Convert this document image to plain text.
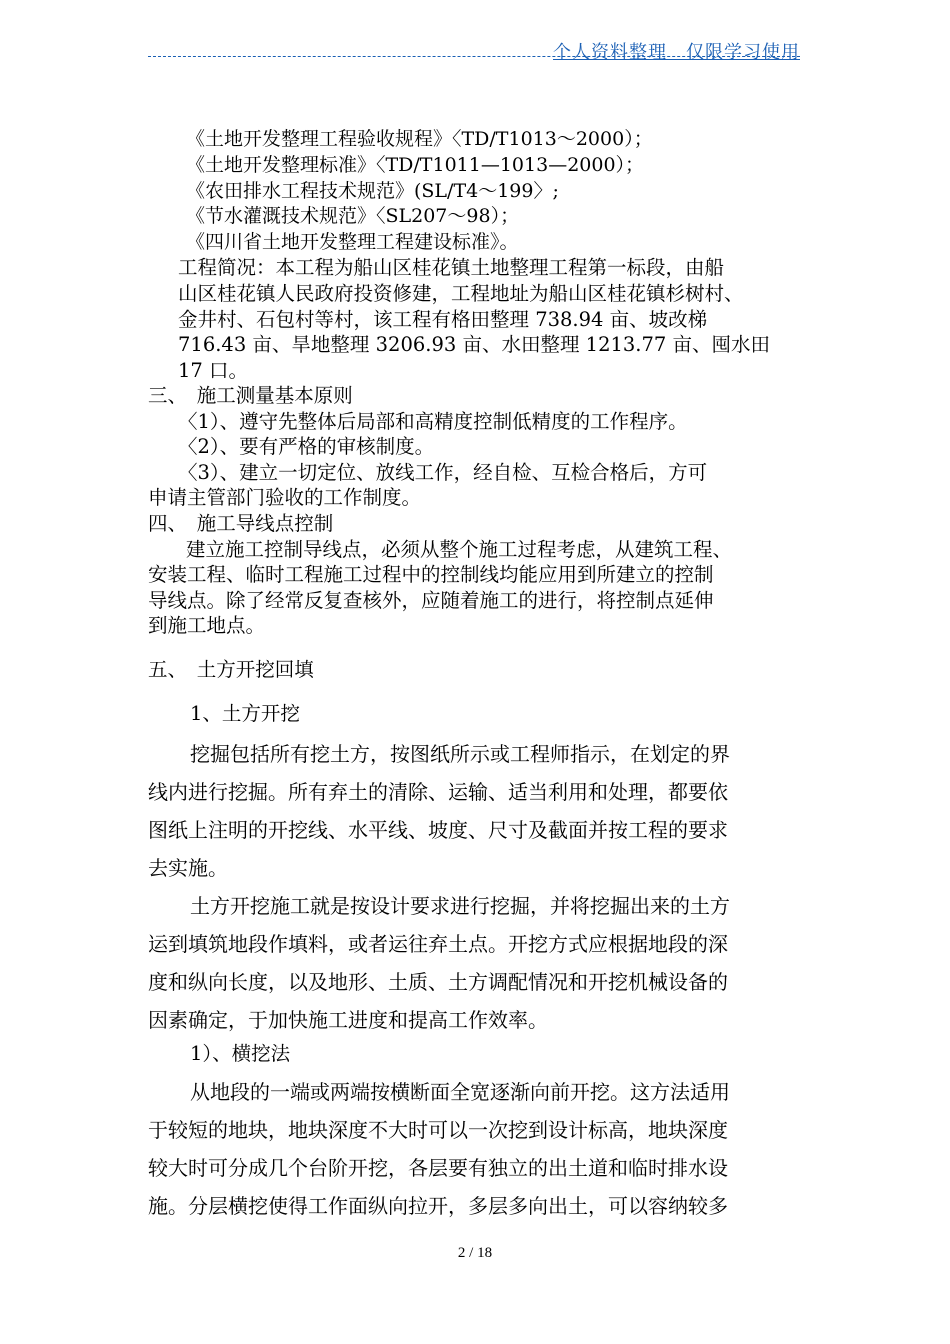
个人资料整理　仅限学习使用
《土地开发整理工程验收规程》〈TD/T1013～2000）；
《土地开发整理标准》〈TD/T1011—1013—2000）；
《农田排水工程技术规范》(SL/T4～199〉;
《节水灌溉技术规范》〈SL207～98）；
《四川省土地开发整理工程建设标准》。
工程简况：本工程为船山区桂花镇土地整理工程第一标段，由船
山区桂花镇人民政府投资修建，工程地址为船山区桂花镇杉树村、
金井村、石包村等村，该工程有格田整理 738.94 亩、坡改梯
716.43 亩、旱地整理 3206.93 亩、水田整理 1213.77 亩、囤水田
17 口。
三、　施工测量基本原则
〈1）、遵守先整体后局部和高精度控制低精度的工作程序。
〈2）、要有严格的审核制度。
〈3）、建立一切定位、放线工作，经自检、互检合格后，方可
申请主管部门验收的工作制度。
四、　施工导线点控制
建立施工控制导线点，必须从整个施工过程考虑，从建筑工程、
安装工程、临时工程施工过程中的控制线均能应用到所建立的控制
导线点。除了经常反复查核外，应随着施工的进行，将控制点延伸
到施工地点。
五、　土方开挖回填
1、土方开挖
挖掘包括所有挖土方，按图纸所示或工程师指示，在划定的界
线内进行挖掘。所有弃土的清除、运输、适当利用和处理，都要依
图纸上注明的开挖线、水平线、坡度、尺寸及截面并按工程的要求
去实施。
土方开挖施工就是按设计要求进行挖掘，并将挖掘出来的土方
运到填筑地段作填料，或者运往弃土点。开挖方式应根据地段的深
度和纵向长度，以及地形、土质、土方调配情况和开挖机械设备的
因素确定，于加快施工进度和提高工作效率。
1）、横挖法
从地段的一端或两端按横断面全宽逐渐向前开挖。这方法适用
于较短的地块，地块深度不大时可以一次挖到设计标高，地块深度
较大时可分成几个台阶开挖，各层要有独立的出土道和临时排水设
施。分层横挖使得工作面纵向拉开，多层多向出土，可以容纳较多
2 / 18
